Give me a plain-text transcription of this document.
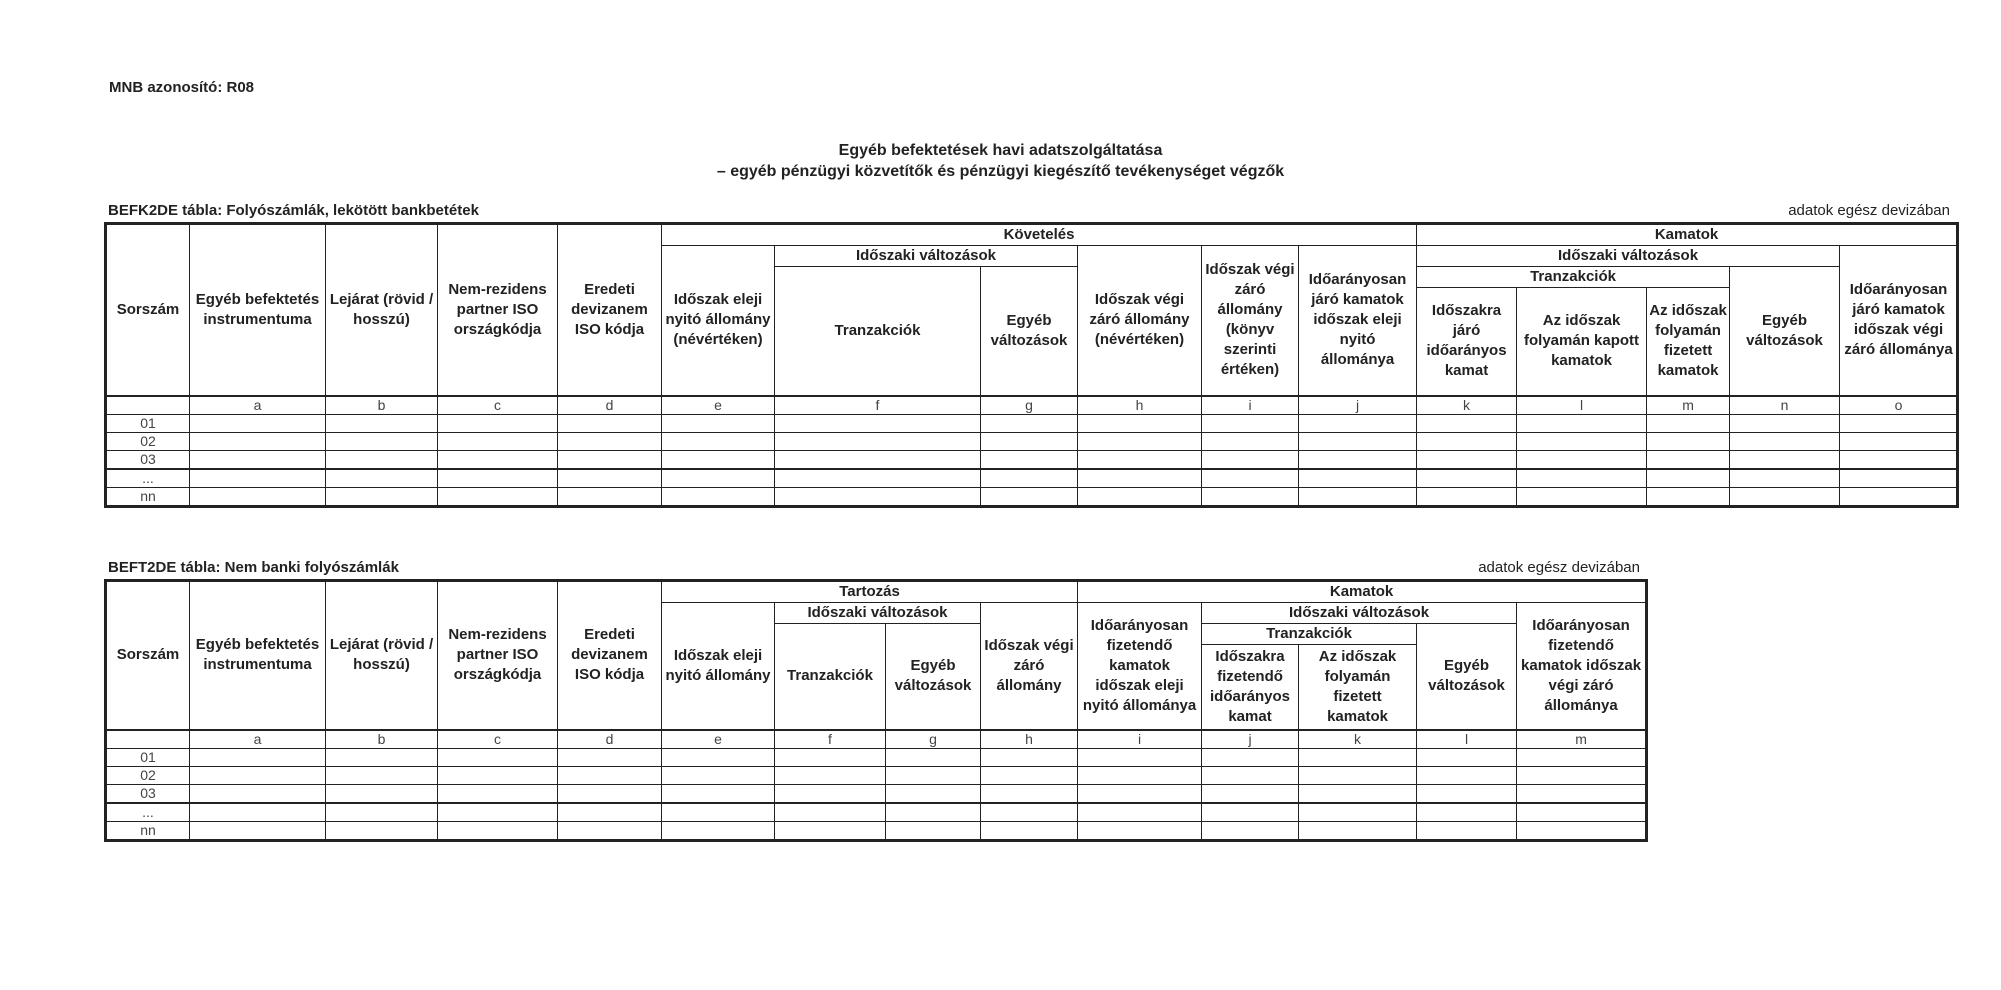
MNB azonosító: R08
Egyéb befektetések havi adatszolgáltatása
– egyéb pénzügyi közvetítők és pénzügyi kiegészítő tevékenységet végzők
BEFK2DE tábla: Folyószámlák, lekötött bankbetétek	adatok egész devizában
Sorszám	Egyéb befektetés instrumentuma	Lejárat (rövid / hosszú)	Nem-rezidens partner ISO országkódja	Eredeti devizanem ISO kódja	Követelés						Kamatok				
					Időszak eleji nyitó állomány (névértéken)	Időszaki változások		Időszak végi záró állomány (névértéken)	Időszak végi záró állomány (könyv szerinti értéken)	Időarányosan járó kamatok időszak eleji nyitó állománya	Időszaki változások				Időarányosan járó kamatok időszak végi záró állománya
						Tranzakciók	Egyéb változások				Tranzakciók			Egyéb változások	
											Időszakra járó időarányos kamat	Az időszak folyamán kapott kamatok	Az időszak folyamán fizetett kamatok		
	a	b	c	d	e	f	g	h	i	j	k	l	m	n	o
01															
02															
03															
...															
nn															
BEFT2DE tábla: Nem banki folyószámlák	adatok egész devizában
Sorszám	Egyéb befektetés instrumentuma	Lejárat (rövid / hosszú)	Nem-rezidens partner ISO országkódja	Eredeti devizanem ISO kódja	Tartozás				Kamatok				
					Időszak eleji nyitó állomány	Időszaki változások		Időszak végi záró állomány	Időarányosan fizetendő kamatok időszak eleji nyitó állománya	Időszaki változások			Időarányosan fizetendő kamatok időszak végi záró állománya
						Tranzakciók	Egyéb változások			Tranzakciók		Egyéb változások	
										Időszakra fizetendő időarányos kamat	Az időszak folyamán fizetett kamatok		
	a	b	c	d	e	f	g	h	i	j	k	l	m
01													
02													
03													
...													
nn													
